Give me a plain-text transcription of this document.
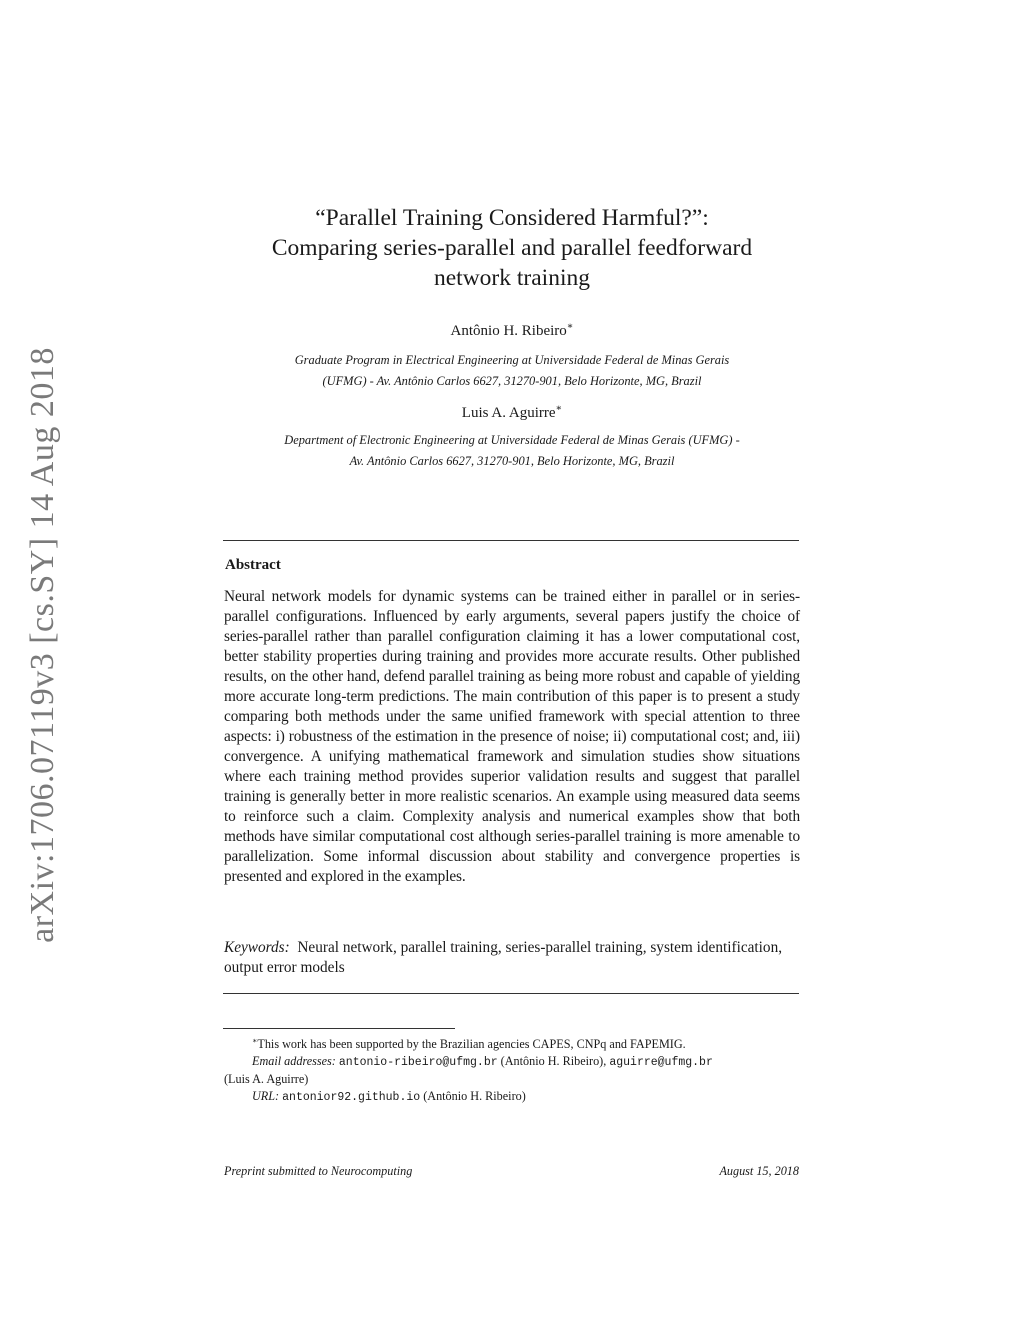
arXiv:1706.07119v3 [cs.SY] 14 Aug 2018
“Parallel Training Considered Harmful?”:
Comparing series-parallel and parallel feedforward
network training
Antônio H. Ribeiro∗
Graduate Program in Electrical Engineering at Universidade Federal de Minas Gerais
(UFMG) - Av. Antônio Carlos 6627, 31270-901, Belo Horizonte, MG, Brazil
Luis A. Aguirre∗
Department of Electronic Engineering at Universidade Federal de Minas Gerais (UFMG) -
Av. Antônio Carlos 6627, 31270-901, Belo Horizonte, MG, Brazil
Abstract
Neural network models for dynamic systems can be trained either in parallel or in series-parallel configurations. Influenced by early arguments, several papers justify the choice of series-parallel rather than parallel configuration claiming it has a lower computational cost, better stability properties during training and provides more accurate results. Other published results, on the other hand, defend parallel training as being more robust and capable of yielding more accurate long-term predictions. The main contribution of this paper is to present a study comparing both methods under the same unified framework with special attention to three aspects: i) robustness of the estimation in the presence of noise; ii) computational cost; and, iii) convergence. A unifying mathematical framework and simulation studies show situations where each training method provides superior validation results and suggest that parallel training is generally better in more realistic scenarios. An example using measured data seems to reinforce such a claim. Complexity analysis and numerical examples show that both methods have similar computational cost although series-parallel training is more amenable to parallelization. Some informal discussion about stability and convergence properties is presented and explored in the examples.
Keywords: Neural network, parallel training, series-parallel training, system identification, output error models
∗This work has been supported by the Brazilian agencies CAPES, CNPq and FAPEMIG.
Email addresses: antonio-ribeiro@ufmg.br (Antônio H. Ribeiro), aguirre@ufmg.br
(Luis A. Aguirre)
URL: antonior92.github.io (Antônio H. Ribeiro)
Preprint submitted to Neurocomputing	August 15, 2018
